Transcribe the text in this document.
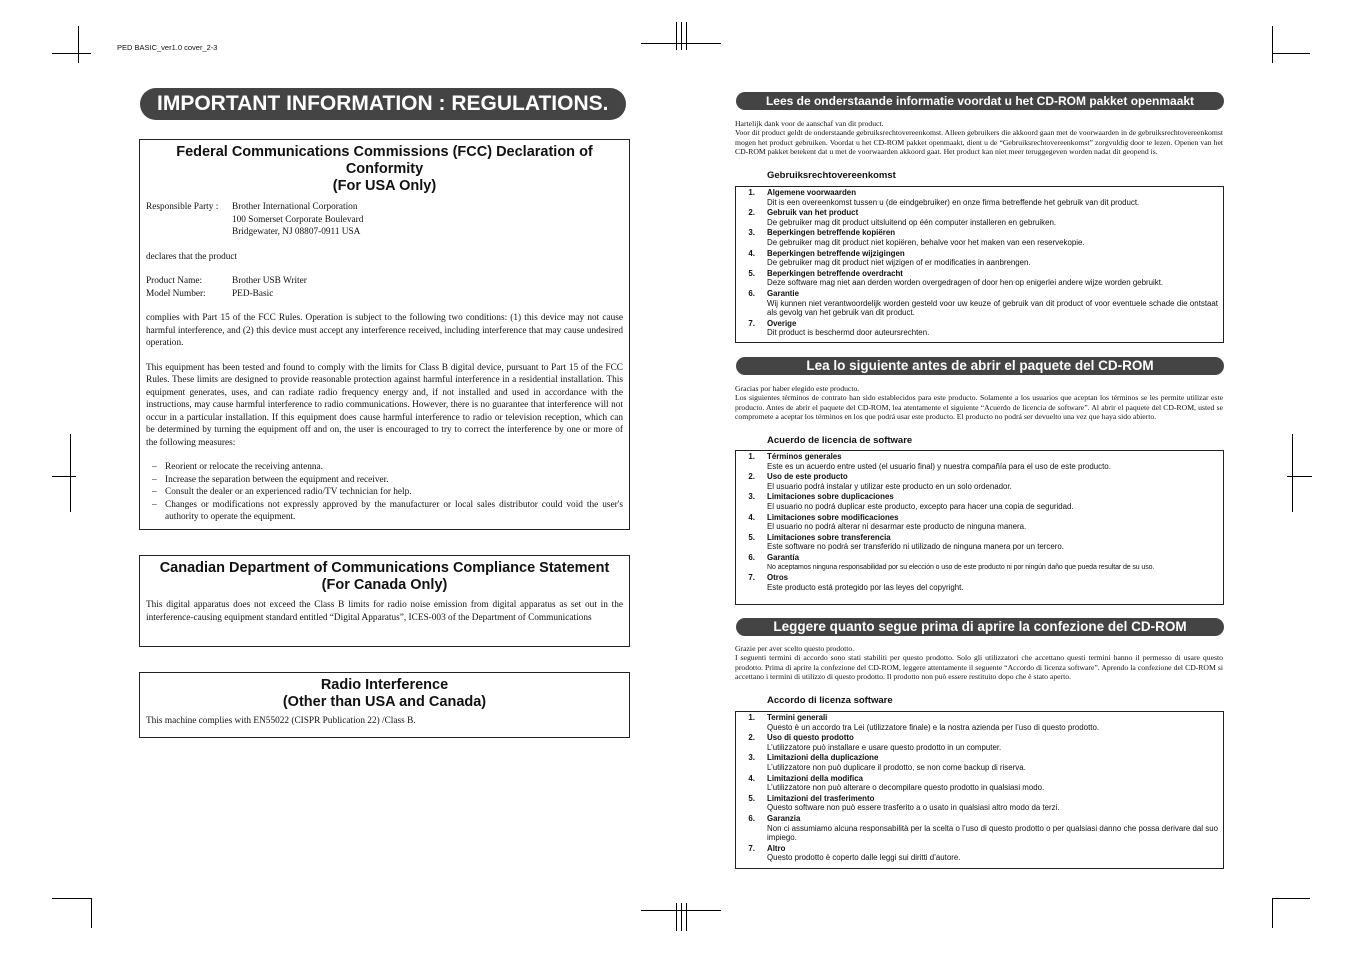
PED BASIC_ver1.0 cover_2-3
IMPORTANT INFORMATION : REGULATIONS.
Federal Communications Commissions (FCC) Declaration of Conformity
(For USA Only)
Responsible Party :	Brother International Corporation
100 Somerset Corporate Boulevard
Bridgewater, NJ 08807-0911 USA

declares that the product

Product Name:	Brother USB Writer
Model Number:	PED-Basic

complies with Part 15 of the FCC Rules. Operation is subject to the following two conditions: (1) this device may not cause harmful interference, and (2) this device must accept any interference received, including interference that may cause undesired operation.

This equipment has been tested and found to comply with the limits for Class B digital device, pursuant to Part 15 of the FCC Rules. These limits are designed to provide reasonable protection against harmful interference in a residential installation. This equipment generates, uses, and can radiate radio frequency energy and, if not installed and used in accordance with the instructions, may cause harmful interference to radio communications. However, there is no guarantee that interference will not occur in a particular installation. If this equipment does cause harmful interference to radio or television reception, which can be determined by turning the equipment off and on, the user is encouraged to try to correct the interference by one or more of the following measures:

– Reorient or relocate the receiving antenna.
– Increase the separation between the equipment and receiver.
– Consult the dealer or an experienced radio/TV technician for help.
– Changes or modifications not expressly approved by the manufacturer or local sales distributor could void the user's authority to operate the equipment.
Canadian Department of Communications Compliance Statement
(For Canada Only)

This digital apparatus does not exceed the Class B limits for radio noise emission from digital apparatus as set out in the interference-causing equipment standard entitled “Digital Apparatus”, ICES-003 of the Department of Communications

Radio Interference
(Other than USA and Canada)

This machine complies with EN55022 (CISPR Publication 22) /Class B.

Lees de onderstaande informatie voordat u het CD-ROM pakket openmaakt

Hartelijk dank voor de aanschaf van dit product.

Voor dit product geldt de onderstaande gebruiksrechtovereenkomst. Alleen gebruikers die akkoord gaan met de voorwaarden in de gebruiksrechtovereenkomst mogen het product gebruiken. Voordat u het CD-ROM pakket openmaakt, dient u de “Gebruiksrechtovereenkomst” zorgvuldig door te lezen. Openen van het CD-ROM pakket betekent dat u met de voorwaarden akkoord gaat. Het product kan niet meer teruggegeven worden nadat dit geopend is.

Gebruiksrechtovereenkomst
1.	Algemene voorwaarden
Dit is een overeenkomst tussen u (de eindgebruiker) en onze firma betreffende het gebruik van dit product.
2.	Gebruik van het product
De gebruiker mag dit product uitsluitend op één computer installeren en gebruiken.
3.	Beperkingen betreffende kopiëren
De gebruiker mag dit product niet kopiëren, behalve voor het maken van een reservekopie.
4.	Beperkingen betreffende wijzigingen
De gebruiker mag dit product niet wijzigen of er modificaties in aanbrengen.
5.	Beperkingen betreffende overdracht
Deze software mag niet aan derden worden overgedragen of door hen op enigerlei andere wijze worden gebruikt.
6.	Garantie
Wij kunnen niet verantwoordelijk worden gesteld voor uw keuze of gebruik van dit product of voor eventuele schade die ontstaat als gevolg van het gebruik van dit product.
7.	Overige
Dit product is beschermd door auteursrechten.
Lea lo siguiente antes de abrir el paquete del CD-ROM

Gracias por haber elegido este producto.

Los siguientes términos de contrato han sido establecidos para este producto. Solamente a los usuarios que aceptan los términos se les permite utilizar este producto. Antes de abrir el paquete del CD-ROM, lea atentamente el siguiente “Acuerdo de licencia de software”. Al abrir el paquete del CD-ROM, usted se compromete a aceptar los términos en los que podrá usar este producto. El producto no podrá ser devuelto una vez que haya sido abierto.

Acuerdo de licencia de software
1.	Términos generales
Este es un acuerdo entre usted (el usuario final) y nuestra compañía para el uso de este producto.
2.	Uso de este producto
El usuario podrá instalar y utilizar este producto en un solo ordenador.
3.	Limitaciones sobre duplicaciones
El usuario no podrá duplicar este producto, excepto para hacer una copia de seguridad.
4.	Limitaciones sobre modificaciones
El usuario no podrá alterar ni desarmar este producto de ninguna manera.
5.	Limitaciones sobre transferencia
Este software no podrá ser transferido ni utilizado de ninguna manera por un tercero.
6.	Garantía
No aceptamos ninguna responsabilidad por su elección o uso de este producto ni por ningún daño que pueda resultar de su uso.
7.	Otros
Este producto está protegido por las leyes del copyright.
Leggere quanto segue prima di aprire la confezione del CD-ROM

Grazie per aver scelto questo prodotto.

I seguenti termini di accordo sono stati stabiliti per questo prodotto. Solo gli utilizzatori che accettano questi termini hanno il permesso di usare questo prodotto. Prima di aprire la confezione del CD-ROM, leggere attentamente il seguente “Accordo di licenza software”. Aprendo la confezione del CD-ROM si accettano i termini di utilizzo di questo prodotto. Il prodotto non può essere restituito dopo che è stato aperto.

Accordo di licenza software
1.	Termini generali
Questo è un accordo tra Lei (utilizzatore finale) e la nostra azienda per l’uso di questo prodotto.
2.	Uso di questo prodotto
L’utilizzatore può installare e usare questo prodotto in un computer.
3.	Limitazioni della duplicazione
L’utilizzatore non può duplicare il prodotto, se non come backup di riserva.
4.	Limitazioni della modifica
L’utilizzatore non può alterare o decompilare questo prodotto in qualsiasi modo.
5.	Limitazioni del trasferimento
Questo software non può essere trasferito a o usato in qualsiasi altro modo da terzi.
6.	Garanzia
Non ci assumiamo alcuna responsabilità per la scelta o l’uso di questo prodotto o per qualsiasi danno che possa derivare dal suo impiego.
7.	Altro
Questo prodotto è coperto dalle leggi sui diritti d’autore.
